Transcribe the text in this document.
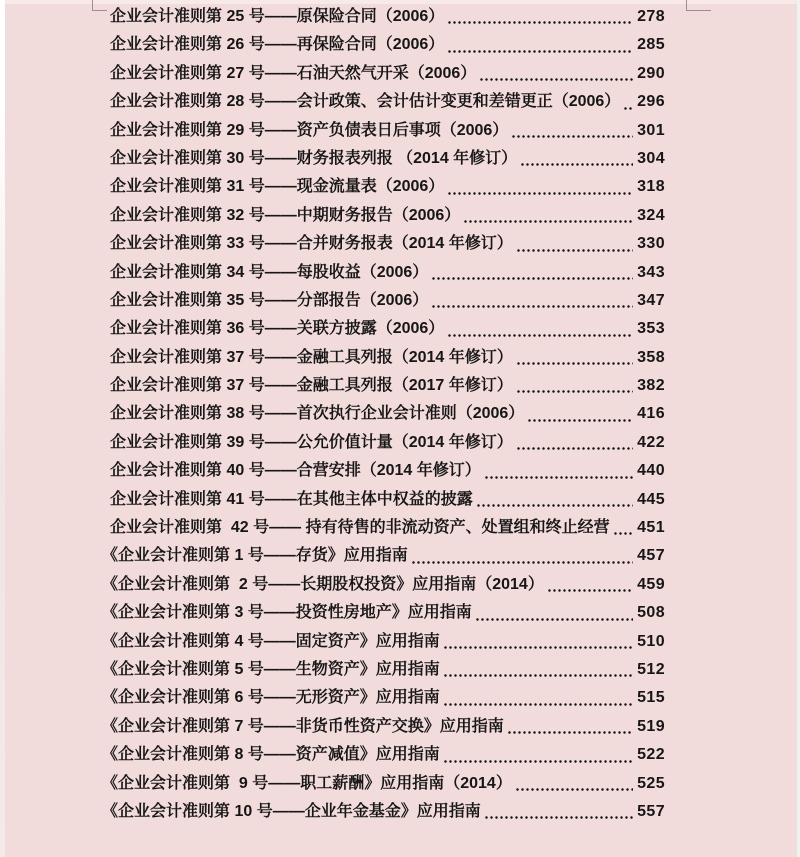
企业会计准则第 25 号——原保险合同（2006）	278
企业会计准则第 26 号——再保险合同（2006）	285
企业会计准则第 27 号——石油天然气开采（2006）	290
企业会计准则第 28 号——会计政策、会计估计变更和差错更正（2006） 296
企业会计准则第 29 号——资产负债表日后事项（2006）	301
企业会计准则第 30 号——财务报表列报 （2014 年修订）	304
企业会计准则第 31 号——现金流量表（2006）	318
企业会计准则第 32 号——中期财务报告（2006）	324
企业会计准则第 33 号——合并财务报表（2014 年修订）	330
企业会计准则第 34 号——每股收益（2006）	343
企业会计准则第 35 号——分部报告（2006）	347
企业会计准则第 36 号——关联方披露（2006）	353
企业会计准则第 37 号——金融工具列报（2014 年修订）	358
企业会计准则第 37 号——金融工具列报（2017 年修订）	382
企业会计准则第 38 号——首次执行企业会计准则（2006）	416
企业会计准则第 39 号——公允价值计量（2014 年修订）	422
企业会计准则第 40 号——合营安排（2014 年修订）	440
企业会计准则第 41 号——在其他主体中权益的披露	445
企业会计准则第  42 号—— 持有待售的非流动资产、处置组和终止经营 451
《企业会计准则第 1 号——存货》应用指南	457
《企业会计准则第  2 号——长期股权投资》应用指南（2014）	459
《企业会计准则第 3 号——投资性房地产》应用指南	508
《企业会计准则第 4 号——固定资产》应用指南	510
《企业会计准则第 5 号——生物资产》应用指南	512
《企业会计准则第 6 号——无形资产》应用指南	515
《企业会计准则第 7 号——非货币性资产交换》应用指南	519
《企业会计准则第 8 号——资产减值》应用指南	522
《企业会计准则第  9 号——职工薪酬》应用指南（2014）	525
《企业会计准则第 10 号——企业年金基金》应用指南	557
